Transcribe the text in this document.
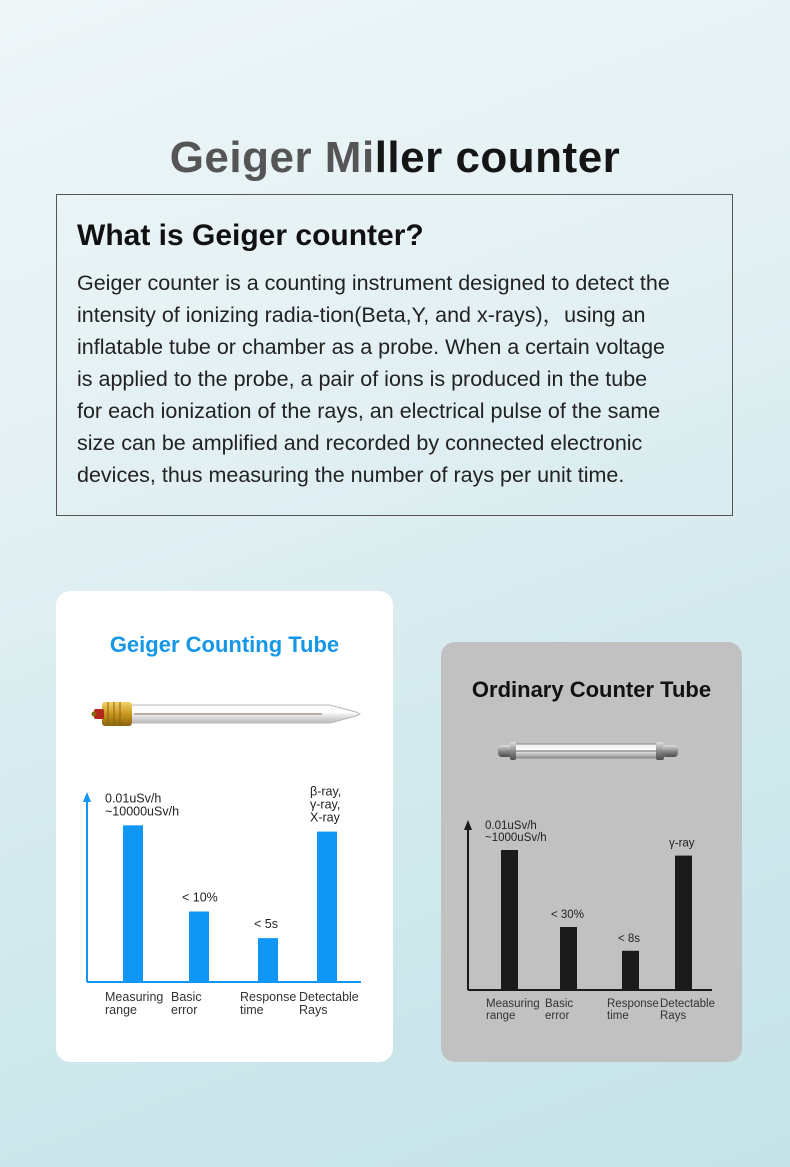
Geiger Miller counter
What is Geiger counter?
Geiger counter is a counting instrument designed to detect the
intensity of ionizing radia-tion(Beta,Y, and x-rays)，using an
inflatable tube or chamber as a probe. When a certain voltage
is applied to the probe, a pair of ions is produced in the tube
for each ionization of the rays, an electrical pulse of the same
size can be amplified and recorded by connected electronic
devices, thus measuring the number of rays per unit time.
Geiger Counting Tube
0.01uSv/h
~10000uSv/h
Measuring
range
< 10%
Basic
error
< 5s
Response
time
β-ray,
γ-ray,
X-ray
Detectable
Rays
Ordinary Counter Tube
0.01uSv/h
~1000uSv/h
Measuring
range
< 30%
Basic
error
< 8s
Response
time
γ-ray
Detectable
Rays
